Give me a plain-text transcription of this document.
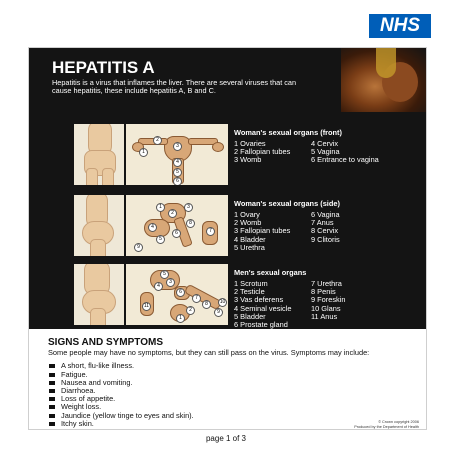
NHS
HEPATITIS A

Hepatitis is a virus that inflames the liver. There are several viruses that can cause hepatitis, these include hepatitis A, B and C.

1
2
3
4
5
6

Woman's sexual organs (front)

1 Ovaries	4 Cervix
2 Fallopian tubes	5 Vagina
3 Womb	6 Entrance to vagina
1
2
3
4
5
6	7
8
9

Woman's sexual organs (side)

1 Ovary	6 Vagina
2 Womb	7 Anus
3 Fallopian tubes	8 Cervix
4 Bladder	9 Clitoris
5 Urethra
1
2
3
4
5
6
7
8
9
10
11

Men's sexual organs

1 Scrotum	7 Urethra
2 Testicle	8 Penis
3 Vas deferens	9 Foreskin
4 Seminal vesicle	10 Glans
5 Bladder	11 Anus
6 Prostate gland
SIGNS AND SYMPTOMS

Some people may have no symptoms, but they can still pass on the virus. Symptoms may include:

A short, flu-like illness.
Fatigue.
Nausea and vomiting.
Diarrhoea.
Loss of appetite.
Weight loss.
Jaundice (yellow tinge to eyes and skin).
Itchy skin.	© Crown copyright 2006
Produced by the Department of Health
page 1 of 3
